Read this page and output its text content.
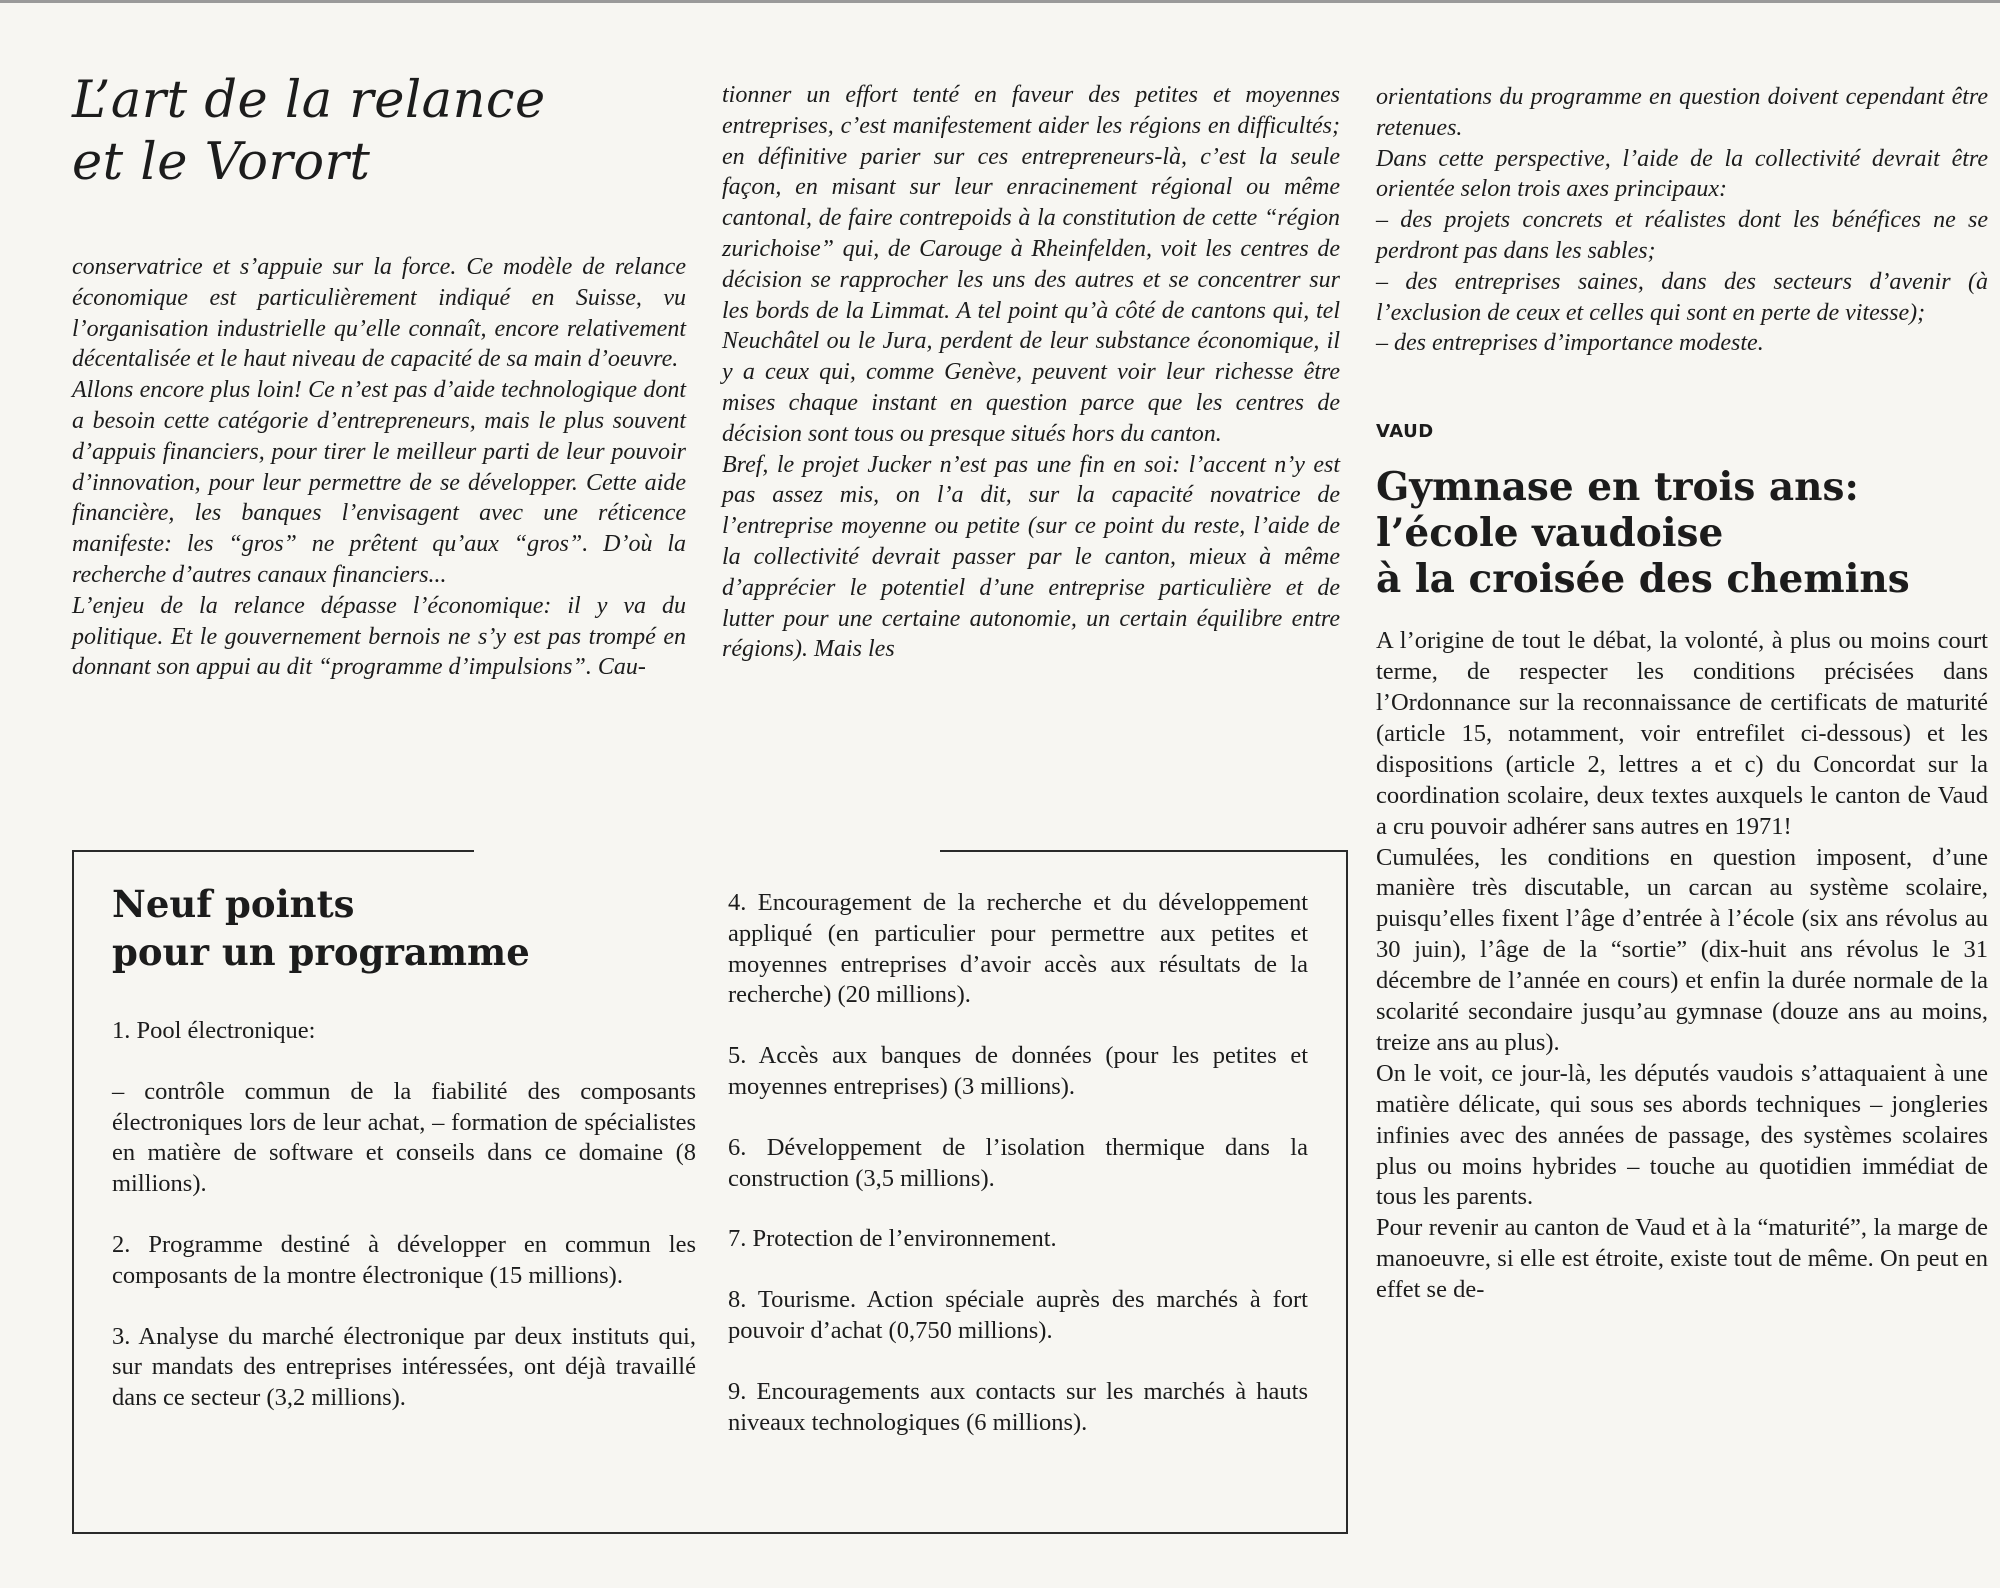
L’art de la relance
et le Vorort

conservatrice et s’appuie sur la force. Ce modèle de relance économique est particulièrement indiqué en Suisse, vu l’organisation industrielle qu’elle connaît, encore relativement décentalisée et le haut niveau de capacité de sa main d’oeuvre.

Allons encore plus loin! Ce n’est pas d’aide technologique dont a besoin cette catégorie d’entrepreneurs, mais le plus souvent d’appuis financiers, pour tirer le meilleur parti de leur pouvoir d’innovation, pour leur permettre de se développer. Cette aide financière, les banques l’envisagent avec une réticence manifeste: les “gros” ne prêtent qu’aux “gros”. D’où la recherche d’autres canaux financiers...

L’enjeu de la relance dépasse l’économique: il y va du politique. Et le gouvernement bernois ne s’y est pas trompé en donnant son appui au dit “programme d’impulsions”. Cau-

tionner un effort tenté en faveur des petites et moyennes entreprises, c’est manifestement aider les régions en difficultés; en définitive parier sur ces entrepreneurs-là, c’est la seule façon, en misant sur leur enracinement régional ou même cantonal, de faire contrepoids à la constitution de cette “région zurichoise” qui, de Carouge à Rheinfelden, voit les centres de décision se rapprocher les uns des autres et se concentrer sur les bords de la Limmat. A tel point qu’à côté de cantons qui, tel Neuchâtel ou le Jura, perdent de leur substance économique, il y a ceux qui, comme Genève, peuvent voir leur richesse être mises chaque instant en question parce que les centres de décision sont tous ou presque situés hors du canton.

Bref, le projet Jucker n’est pas une fin en soi: l’accent n’y est pas assez mis, on l’a dit, sur la capacité novatrice de l’entreprise moyenne ou petite (sur ce point du reste, l’aide de la collectivité devrait passer par le canton, mieux à même d’apprécier le potentiel d’une entreprise particulière et de lutter pour une certaine autonomie, un certain équilibre entre régions). Mais les

orientations du programme en question doivent cependant être retenues.

Dans cette perspective, l’aide de la collectivité devrait être orientée selon trois axes principaux:

– des projets concrets et réalistes dont les bénéfices ne se perdront pas dans les sables;

– des entreprises saines, dans des secteurs d’avenir (à l’exclusion de ceux et celles qui sont en perte de vitesse);

– des entreprises d’importance modeste.

VAUD
Gymnase en trois ans:
l’école vaudoise
à la croisée des chemins

A l’origine de tout le débat, la volonté, à plus ou moins court terme, de respecter les conditions précisées dans l’Ordonnance sur la reconnaissance de certificats de maturité (article 15, notamment, voir entrefilet ci-dessous) et les dispositions (article 2, lettres a et c) du Concordat sur la coordination scolaire, deux textes auxquels le canton de Vaud a cru pouvoir adhérer sans autres en 1971!

Cumulées, les conditions en question imposent, d’une manière très discutable, un carcan au système scolaire, puisqu’elles fixent l’âge d’entrée à l’école (six ans révolus au 30 juin), l’âge de la “sortie” (dix-huit ans révolus le 31 décembre de l’année en cours) et enfin la durée normale de la scolarité secondaire jusqu’au gymnase (douze ans au moins, treize ans au plus).

On le voit, ce jour-là, les députés vaudois s’attaquaient à une matière délicate, qui sous ses abords techniques – jongleries infinies avec des années de passage, des systèmes scolaires plus ou moins hybrides – touche au quotidien immédiat de tous les parents.

Pour revenir au canton de Vaud et à la “maturité”, la marge de manoeuvre, si elle est étroite, existe tout de même. On peut en effet se de-

Neuf points
pour un programme

1. Pool électronique:

– contrôle commun de la fiabilité des composants électroniques lors de leur achat, – formation de spécialistes en matière de software et conseils dans ce domaine (8 millions).

2. Programme destiné à développer en commun les composants de la montre électronique (15 millions).

3. Analyse du marché électronique par deux instituts qui, sur mandats des entreprises intéressées, ont déjà travaillé dans ce secteur (3,2 millions).

4. Encouragement de la recherche et du développement appliqué (en particulier pour permettre aux petites et moyennes entreprises d’avoir accès aux résultats de la recherche) (20 millions).

5. Accès aux banques de données (pour les petites et moyennes entreprises) (3 millions).

6. Développement de l’isolation thermique dans la construction (3,5 millions).

7. Protection de l’environnement.

8. Tourisme. Action spéciale auprès des marchés à fort pouvoir d’achat (0,750 millions).

9. Encouragements aux contacts sur les marchés à hauts niveaux technologiques (6 millions).
